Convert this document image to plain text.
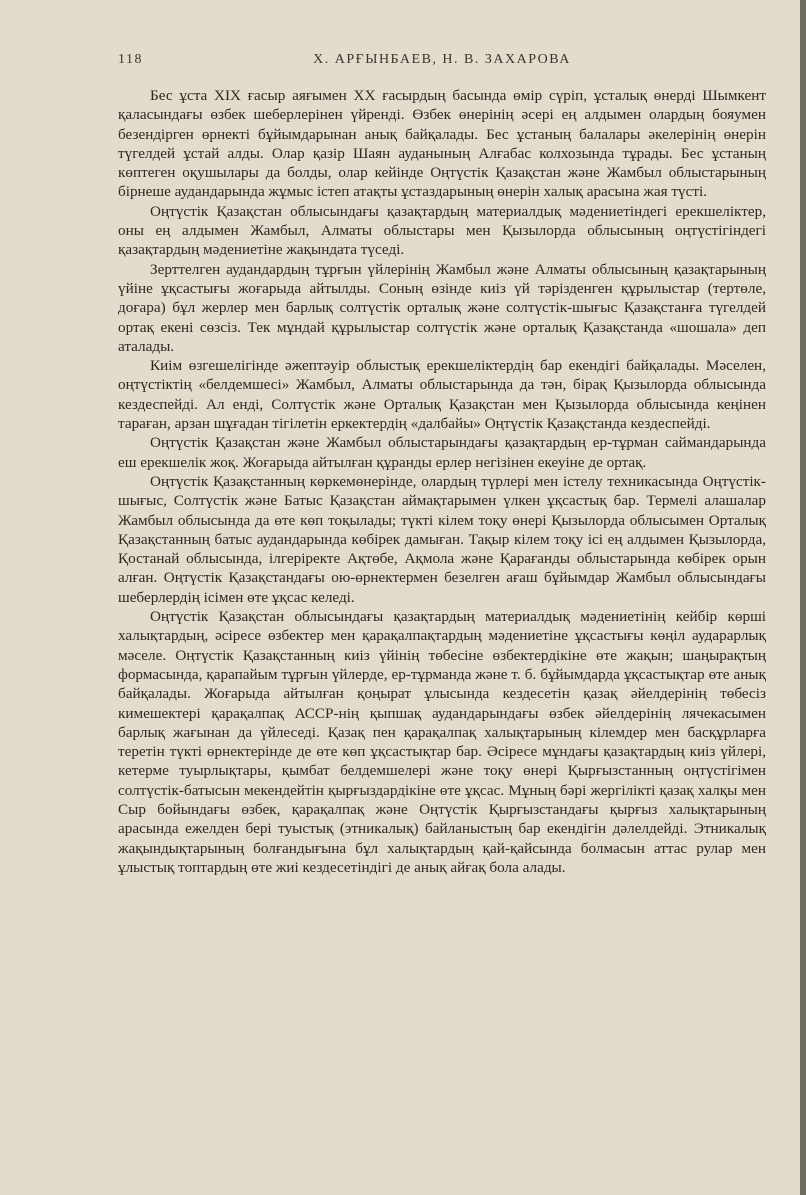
118	Х. АРҒЫНБАЕВ, Н. В. ЗАХАРОВА

Бес ұста XIX ғасыр аяғымен XX ғасырдың басында өмір сүріп, ұсталық өнерді Шымкент қаласындағы өзбек шеберлерінен үйренді. Өзбек өнерінің әсері ең алдымен олардың бояумен безендірген өрнекті бұйымдарынан анық байқалады. Бес ұстаның балалары әкелерінің өнерін түгелдей ұстай алды. Олар қазір Шаян ауданының Алғабас колхозында тұрады. Бес ұстаның көптеген оқушылары да болды, олар кейінде Оңтүстік Қазақстан және Жамбыл облыстарының бірнеше аудандарында жұмыс істеп атақты ұстаздарының өнерін халық арасына жая түсті.

Оңтүстік Қазақстан облысындағы қазақтардың материалдық мәдениетіндегі ерекшеліктер, оны ең алдымен Жамбыл, Алматы облыстары мен Қызылорда облысының оңтүстігіндегі қазақтардың мәдениетіне жақындата түседі.

Зерттелген аудандардың тұрғын үйлерінің Жамбыл және Алматы облысының қазақтарының үйіне ұқсастығы жоғарыда айтылды. Соның өзінде киіз үй тәрізденген құрылыстар (тертөле, доғара) бұл жерлер мен барлық солтүстік орталық және солтүстік-шығыс Қазақстанға түгелдей ортақ екені сөзсіз. Тек мұндай құрылыстар солтүстік және орталық Қазақстанда «шошала» деп аталады.

Киім өзгешелігінде әжептәуір облыстық ерекшеліктердің бар екендігі байқалады. Мәселен, оңтүстіктің «белдемшесі» Жамбыл, Алматы облыстарында да тән, бірақ Қызылорда облысында кездеспейді. Ал енді, Солтүстік және Орталық Қазақстан мен Қызылорда облысында кеңінен тараған, арзан шұғадан тігілетін еркектердің «далбайы» Оңтүстік Қазақстанда кездеспейді.

Оңтүстік Қазақстан және Жамбыл облыстарындағы қазақтардың ер-тұрман саймандарында еш ерекшелік жоқ. Жоғарыда айтылған құранды ерлер негізінен екеуіне де ортақ.

Оңтүстік Қазақстанның көркемөнерінде, олардың түрлері мен істелу техникасында Оңтүстік-шығыс, Солтүстік және Батыс Қазақстан аймақтарымен үлкен ұқсастық бар. Термелі алашалар Жамбыл облысында да өте көп тоқылады; түкті кілем тоқу өнері Қызылорда облысымен Орталық Қазақстанның батыс аудандарында көбірек дамыған. Тақыр кілем тоқу ісі ең алдымен Қызылорда, Қостанай облысында, ілгеріректе Ақтөбе, Ақмола және Қарағанды облыстарында көбірек орын алған. Оңтүстік Қазақстандағы ою-өрнектермен безелген ағаш бұйымдар Жамбыл облысындағы шеберлердің ісімен өте ұқсас келеді.

Оңтүстік Қазақстан облысындағы қазақтардың материалдық мәдениетінің кейбір көрші халықтардың, әсіресе өзбектер мен қарақалпақтардың мәдениетіне ұқсастығы көңіл аударарлық мәселе. Оңтүстік Қазақстанның киіз үйінің төбесіне өзбектердікіне өте жақын; шаңырақтың формасында, қарапайым тұрғын үйлерде, ер-тұрманда және т. б. бұйымдарда ұқсастықтар өте анық байқалады. Жоғарыда айтылған қоңырат ұлысында кездесетін қазақ әйелдерінің төбесіз кимешектері қарақалпақ АССР-нің қыпшақ аудандарындағы өзбек әйелдерінің лячекасымен барлық жағынан да үйлеседі. Қазақ пен қарақалпақ халықтарының кілемдер мен басқұрларға теретін түкті өрнектерінде де өте көп ұқсастықтар бар. Әсіресе мұндағы қазақтардың киіз үйлері, кетерме туырлықтары, қымбат белдемшелері және тоқу өнері Қырғызстанның оңтүстігімен солтүстік-батысын мекендейтін қырғыздардікіне өте ұқсас. Мұның бәрі жергілікті қазақ халқы мен Сыр бойындағы өзбек, қарақалпақ және Оңтүстік Қырғызстандағы қырғыз халықтарының арасында ежелден бері туыстық (этникалық) байланыстың бар екендігін дәлелдейді. Этникалық жақындықтарының болғандығына бұл халықтардың қай-қайсында болмасын аттас рулар мен ұлыстық топтардың өте жиі кездесетіндігі де анық айғақ бола алады.
